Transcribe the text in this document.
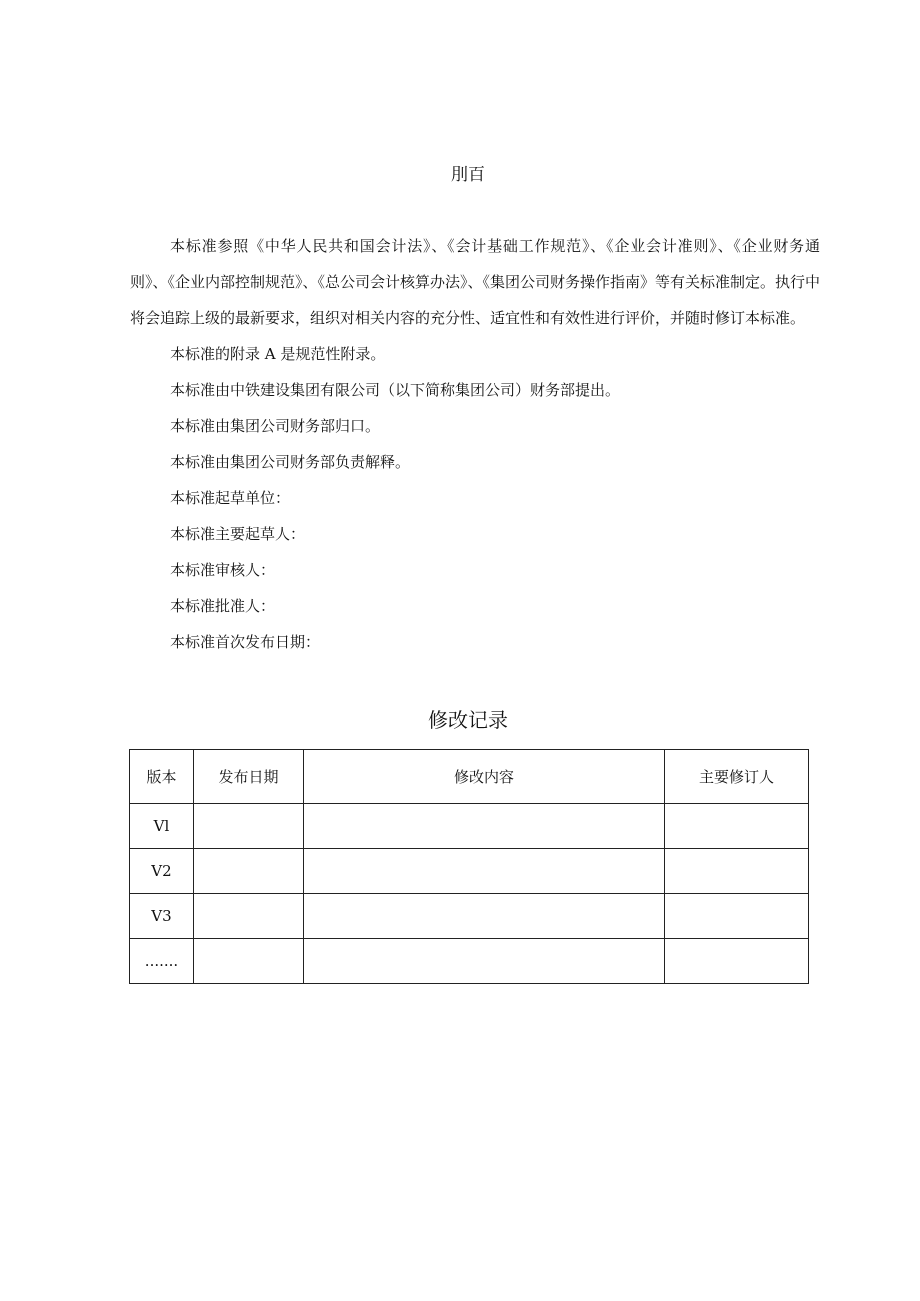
刖百

本标准参照《中华人民共和国会计法》、《会计基础工作规范》、《企业会计准则》、《企业财务通则》、《企业内部控制规范》、《总公司会计核算办法》、《集团公司财务操作指南》等有关标准制定。执行中将会追踪上级的最新要求，组织对相关内容的充分性、适宜性和有效性进行评价，并随时修订本标准。

本标准的附录 A 是规范性附录。

本标准由中铁建设集团有限公司（以下简称集团公司）财务部提出。

本标准由集团公司财务部归口。

本标准由集团公司财务部负责解释。

本标准起草单位：

本标准主要起草人：

本标准审核人：

本标准批准人：

本标准首次发布日期：

修改记录
版本	发布日期	修改内容	主要修订人
Vl			
V2			
V3			
.......			
